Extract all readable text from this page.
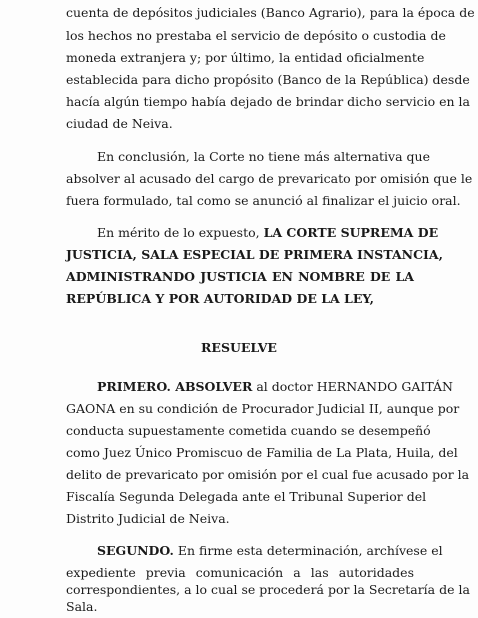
cuenta de depósitos judiciales (Banco Agrario), para la época de
los hechos no prestaba el servicio de depósito o custodia de
moneda extranjera y; por último, la entidad oficialmente
establecida para dicho propósito (Banco de la República) desde
hacía algún tiempo había dejado de brindar dicho servicio en la
ciudad de Neiva.
En conclusión, la Corte no tiene más alternativa que
absolver al acusado del cargo de prevaricato por omisión que le
fuera formulado, tal como se anunció al finalizar el juicio oral.
En mérito de lo expuesto, LA CORTE SUPREMA DE
JUSTICIA, SALA ESPECIAL DE PRIMERA INSTANCIA,
ADMINISTRANDO JUSTICIA EN NOMBRE DE LA
REPÚBLICA Y POR AUTORIDAD DE LA LEY,
RESUELVE
PRIMERO. ABSOLVER al doctor HERNANDO GAITÁN
GAONA en su condición de Procurador Judicial II, aunque por
conducta supuestamente cometida cuando se desempeñó
como Juez Único Promiscuo de Familia de La Plata, Huila, del
delito de prevaricato por omisión por el cual fue acusado por la
Fiscalía Segunda Delegada ante el Tribunal Superior del
Distrito Judicial de Neiva.
SEGUNDO. En firme esta determinación, archívese el
expediente previa comunicación a las autoridades
correspondientes, a lo cual se procederá por la Secretaría de la
Sala.
